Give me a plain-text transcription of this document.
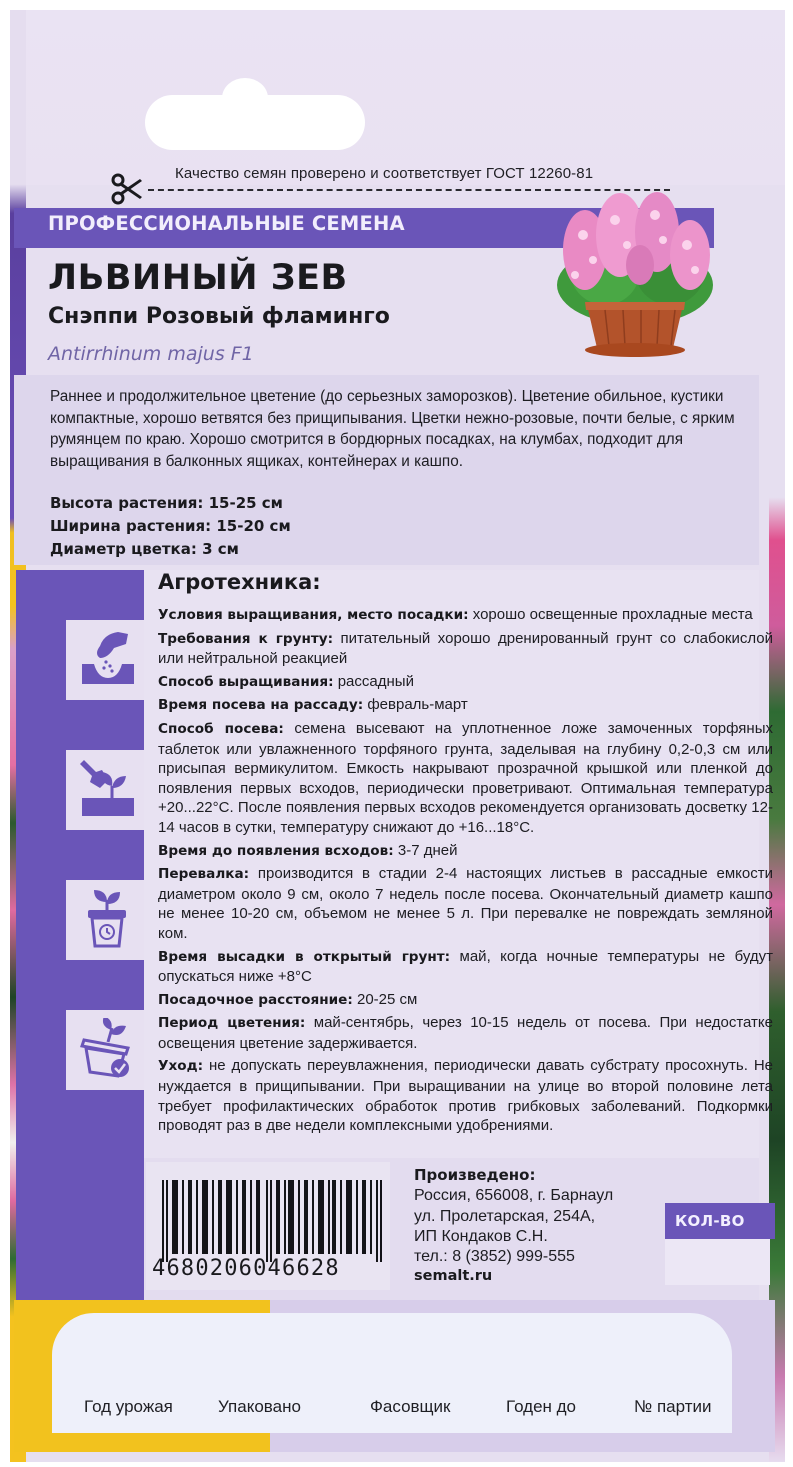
Качество семян проверено и соответствует ГОСТ 12260-81
ПРОФЕССИОНАЛЬНЫЕ СЕМЕНА
ЛЬВИНЫЙ ЗЕВ
Снэппи Розовый фламинго
Antirrhinum majus F1
Раннее и продолжительное цветение (до серьезных заморозков). Цветение обильное, кустики компактные, хорошо ветвятся без прищипывания. Цветки нежно-розовые, почти белые, с ярким румянцем по краю. Хорошо смотрится в бордюрных посадках, на клумбах, подходит для выращивания в балконных ящиках, контейнерах и кашпо.
Высота растения: 15-25 см
Ширина растения: 15-20 см
Диаметр цветка: 3 см
Агротехника:

Условия выращивания, место посадки: хорошо освещенные прохладные места

Требования к грунту: питательный хорошо дренированный грунт со слабокислой или нейтральной реакцией

Способ выращивания: рассадный

Время посева на рассаду: февраль-март

Способ посева: семена высевают на уплотненное ложе замоченных торфяных таблеток или увлажненного торфяного грунта, заделывая на глубину 0,2-0,3 см или присыпая вермикулитом. Емкость накрывают прозрачной крышкой или пленкой до появления первых всходов, периодически проветривают. Оптимальная температура +20...22°С. После появления первых всходов рекомендуется организовать досветку 12-14 часов в сутки, температуру снижают до +16...18°С.

Время до появления всходов: 3-7 дней

Перевалка: производится в стадии 2-4 настоящих листьев в рассадные емкости диаметром около 9 см, около 7 недель после посева. Окончательный диаметр кашпо не менее 10-20 см, объемом не менее 5 л. При перевалке не повреждать земляной ком.

Время высадки в открытый грунт: май, когда ночные температуры не будут опускаться ниже +8°С

Посадочное расстояние: 20-25 см

Период цветения: май-сентябрь, через 10-15 недель от посева. При недостатке освещения цветение задерживается.

Уход: не допускать переувлажнения, периодически давать субстрату просохнуть. Не нуждается в прищипывании. При выращивании на улице во второй половине лета требует профилактических обработок против грибковых заболеваний. Подкормки проводят раз в две недели комплексными удобрениями.

4680206046628
Произведено:
Россия, 656008, г. Барнаул
ул. Пролетарская, 254А,
ИП Кондаков С.Н.
тел.: 8 (3852) 999-555
semalt.ru
КОЛ-ВО
Год урожая	Упаковано	Фасовщик	Годен до	№ партии
